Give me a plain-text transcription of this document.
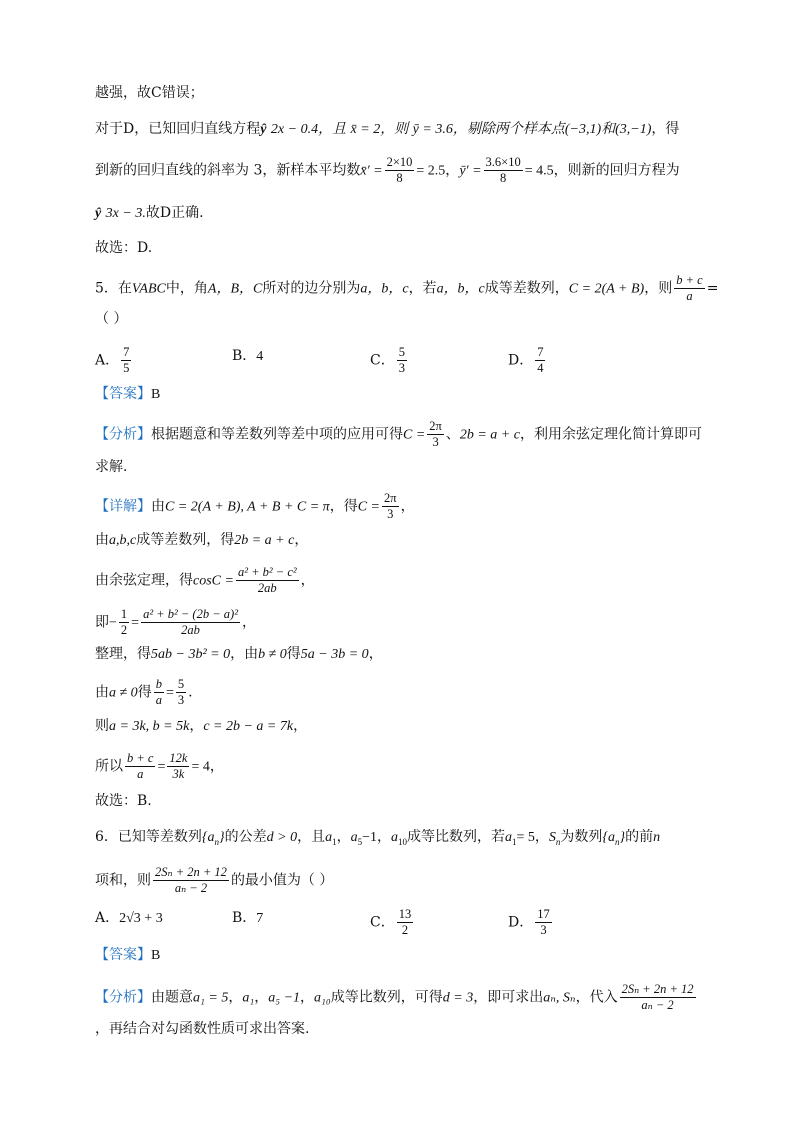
越强，故C错误；
对于D，已知回归直线方程ŷ 2x − 0.4，且 x̄ = 2，则 ȳ = 3.6，剔除两个样本点(−3,1)和(3,−1)，得
到新的回归直线的斜率为 3，新样本平均数x̄′ = $\frac{2\times 10}{8} = 2.5$，ȳ′ = $\frac{3.6\times 10}{8} = 4.5$，则新的回归方程为
ŷ 3x − 3.故D正确.
故选：D.
5．在VABC中，角A，B，C所对的边分别为a，b，c，若a，b，c成等差数列，C = 2(A + B)，则 $\frac{b + c}{a}$ =
（ ）
A． $\frac{7}{5}$	B．4	C． $\frac{5}{3}$	D． $\frac{7}{4}$
【答案】B
【分析】根据题意和等差数列等差中项的应用可得$C = \frac{2\pi}{3}$ 、2b = a + c，利用余弦定理化简计算即可
求解.
【详解】由C = 2(A + B), A + B + C = π，得$C = \frac{2\pi}{3}$ ，
由a,b,c成等差数列，得2b = a + c，
由余弦定理，得$\cos C = \frac{\text{a² + b² − c²}}{2ab}$ ，
即− $\frac{1}{2} = \frac{\text{a² + b² − (2b − a)²}}{2ab}$ ，
整理，得5ab − 3b² = 0，由b ≠ 0得5a − 3b = 0，
由a ≠ 0得 $\frac{b}{a} = \frac{5}{3}$ .
则a = 3k, b = 5k，c = 2b − a = 7k，
所以 $\frac{b + c}{a} = \frac{12k}{3k} = 4$，
故选：B.
6．已知等差数列$\{a_n\}$的公差d > 0，且$a_1$，$a_5-1$，$a_{10}$成等比数列，若$a_1= 5$，$S_n$为数列$\{a_n\}$的前n
项和，则 $\frac{\text{2Sₙ + 2n + 12}}{\text{aₙ − 2}}$ 的最小值为（ ）
A．2√3 + 3	B．7	C． $\frac{13}{2}$	D． $\frac{17}{3}$
【答案】B
【分析】由题意a₁ = 5，a₁，a₅ −1，a₁₀成等比数列，可得d = 3，即可求出aₙ, Sₙ，代入 $\frac{\text{2Sₙ + 2n + 12}}{\text{aₙ − 2}}$
，再结合对勾函数性质可求出答案.
